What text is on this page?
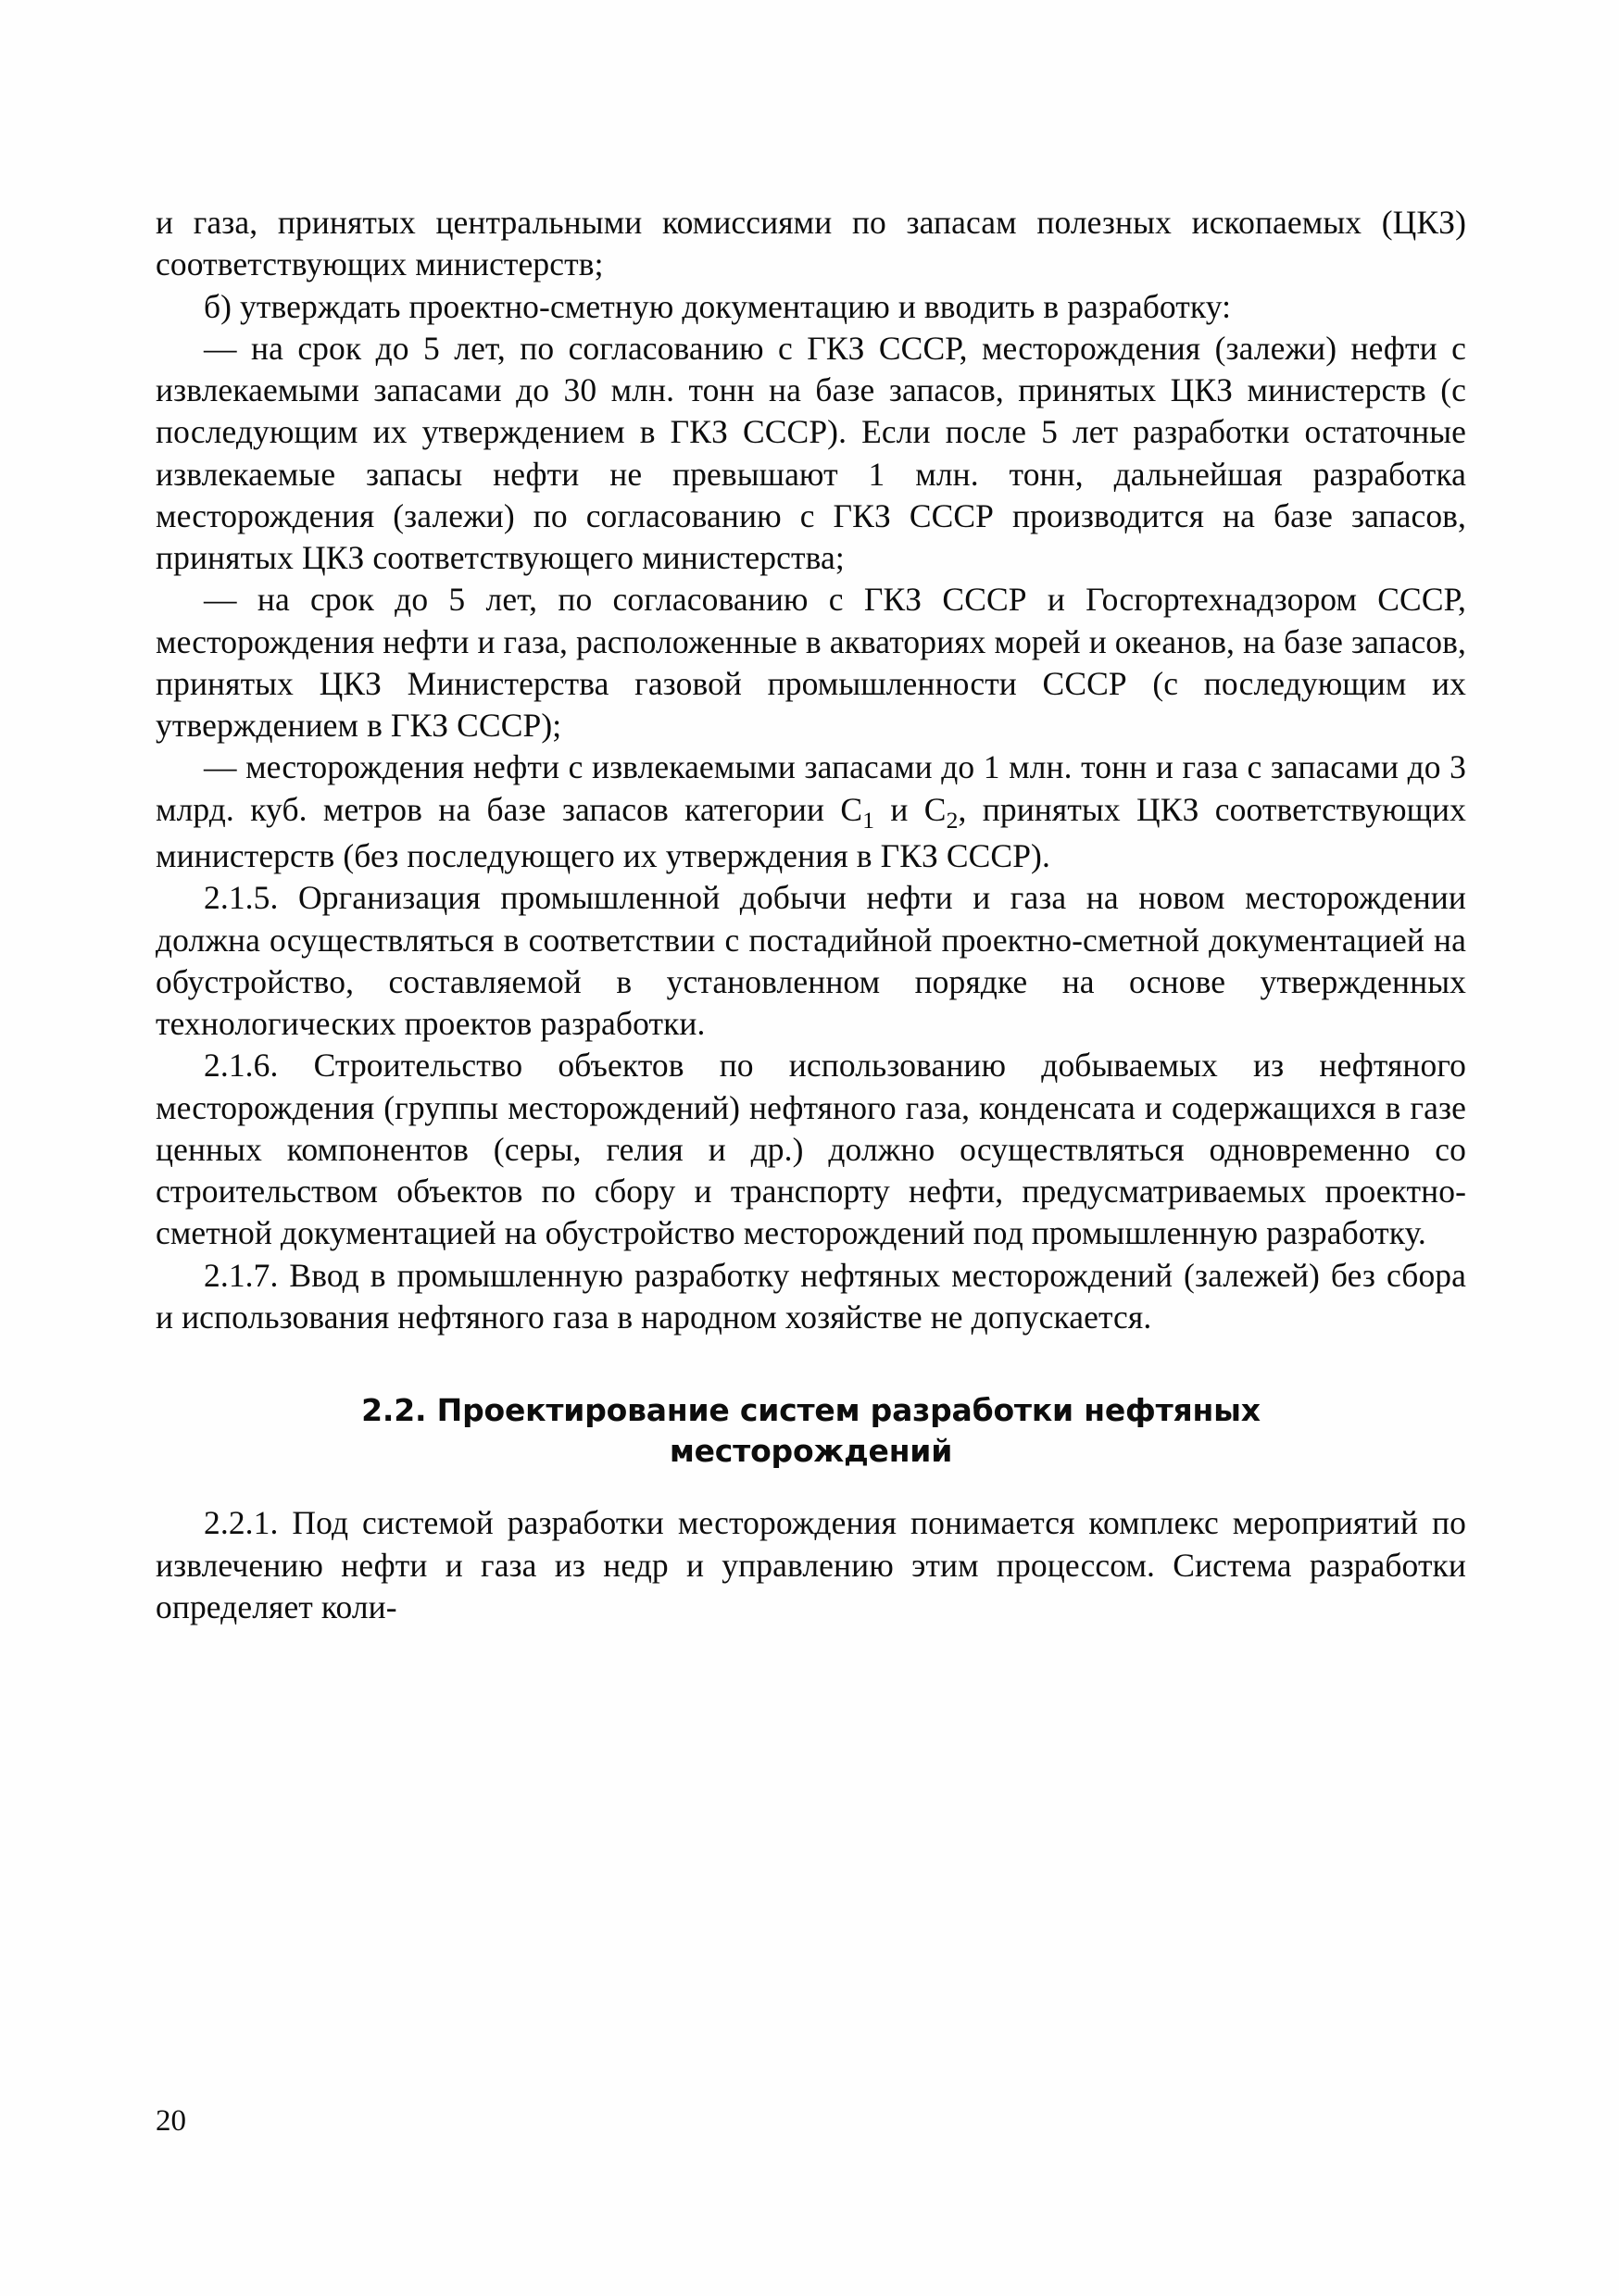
и газа, принятых центральными комиссиями по запасам полезных ископаемых (ЦКЗ) соответствующих министерств;

б) утверждать проектно-сметную документацию и вводить в разработку:

— на срок до 5 лет, по согласованию с ГКЗ СССР, месторождения (залежи) нефти с извлекаемыми запасами до 30 млн. тонн на базе запасов, принятых ЦКЗ министерств (с последующим их утверждением в ГКЗ СССР). Если после 5 лет разработки остаточные извлекаемые запасы нефти не превышают 1 млн. тонн, дальнейшая разработка месторождения (залежи) по согласованию с ГКЗ СССР производится на базе запасов, принятых ЦКЗ соответствующего министерства;

— на срок до 5 лет, по согласованию с ГКЗ СССР и Госгортехнадзором СССР, месторождения нефти и газа, расположенные в акваториях морей и океанов, на базе запасов, принятых ЦКЗ Министерства газовой промышленности СССР (с последующим их утверждением в ГКЗ СССР);

— месторождения нефти с извлекаемыми запасами до 1 млн. тонн и газа с запасами до 3 млрд. куб. метров на базе запасов категории $С_1$ и $С_2$, принятых ЦКЗ соответствующих министерств (без последующего их утверждения в ГКЗ СССР).

2.1.5. Организация промышленной добычи нефти и газа на новом месторождении должна осуществляться в соответствии с постадийной проектно-сметной документацией на обустройство, составляемой в установленном порядке на основе утвержденных технологических проектов разработки.

2.1.6. Строительство объектов по использованию добываемых из нефтяного месторождения (группы месторождений) нефтяного газа, конденсата и содержащихся в газе ценных компонентов (серы, гелия и др.) должно осуществляться одновременно со строительством объектов по сбору и транспорту нефти, предусматриваемых проектно-сметной документацией на обустройство месторождений под промышленную разработку.

2.1.7. Ввод в промышленную разработку нефтяных месторождений (залежей) без сбора и использования нефтяного газа в народном хозяйстве не допускается.

2.2. Проектирование систем разработки нефтяных
месторождений

2.2.1. Под системой разработки месторождения понимается комплекс мероприятий по извлечению нефти и газа из недр и управлению этим процессом. Система разработки определяет коли-

20
